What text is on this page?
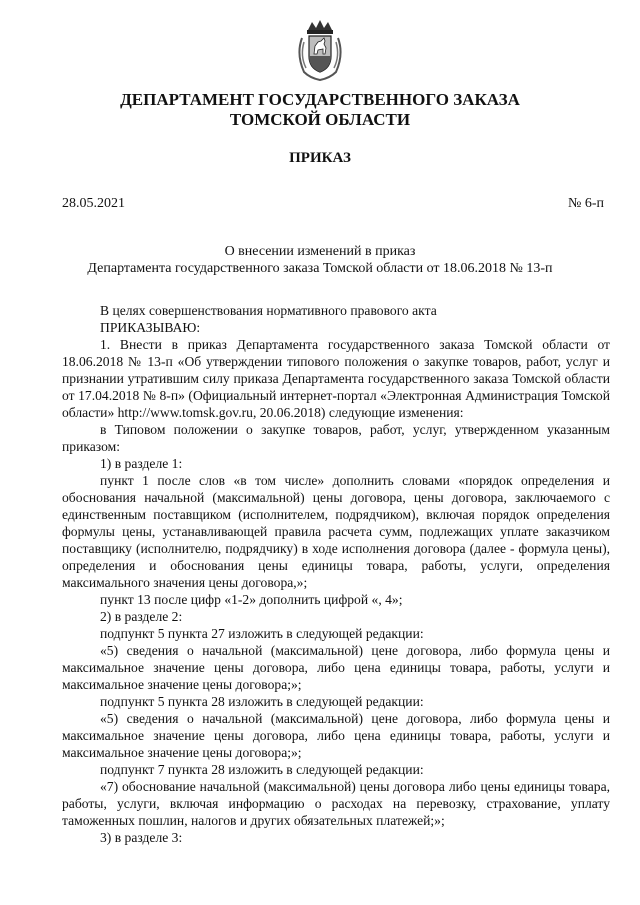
ДЕПАРТАМЕНТ ГОСУДАРСТВЕННОГО ЗАКАЗА
ТОМСКОЙ ОБЛАСТИ
ПРИКАЗ
28.05.2021	№ 6-п
О внесении изменений в приказ
Департамента государственного заказа Томской области от 18.06.2018 № 13-п

В целях совершенствования нормативного правового акта

ПРИКАЗЫВАЮ:

1. Внести в приказ Департамента государственного заказа Томской области от 18.06.2018 № 13-п «Об утверждении типового положения о закупке товаров, работ, услуг и признании утратившим силу приказа Департамента государственного заказа Томской области от 17.04.2018 № 8-п» (Официальный интернет-портал «Электронная Администрация Томской области» http://www.tomsk.gov.ru, 20.06.2018) следующие изменения:

в Типовом положении о закупке товаров, работ, услуг, утвержденном указанным приказом:

1) в разделе 1:

пункт 1 после слов «в том числе» дополнить словами «порядок определения и обоснования начальной (максимальной) цены договора, цены договора, заключаемого с единственным поставщиком (исполнителем, подрядчиком), включая порядок определения формулы цены, устанавливающей правила расчета сумм, подлежащих уплате заказчиком поставщику (исполнителю, подрядчику) в ходе исполнения договора (далее - формула цены), определения и обоснования цены единицы товара, работы, услуги, определения максимального значения цены договора,»;

пункт 13 после цифр «1-2» дополнить цифрой «, 4»;

2) в разделе 2:

подпункт 5 пункта 27 изложить в следующей редакции:

«5) сведения о начальной (максимальной) цене договора, либо формула цены и максимальное значение цены договора, либо цена единицы товара, работы, услуги и максимальное значение цены договора;»;

подпункт 5 пункта 28 изложить в следующей редакции:

«5) сведения о начальной (максимальной) цене договора, либо формула цены и максимальное значение цены договора, либо цена единицы товара, работы, услуги и максимальное значение цены договора;»;

подпункт 7 пункта 28 изложить в следующей редакции:

«7) обоснование начальной (максимальной) цены договора либо цены единицы товара, работы, услуги, включая информацию о расходах на перевозку, страхование, уплату таможенных пошлин, налогов и других обязательных платежей;»;

3) в разделе 3:
